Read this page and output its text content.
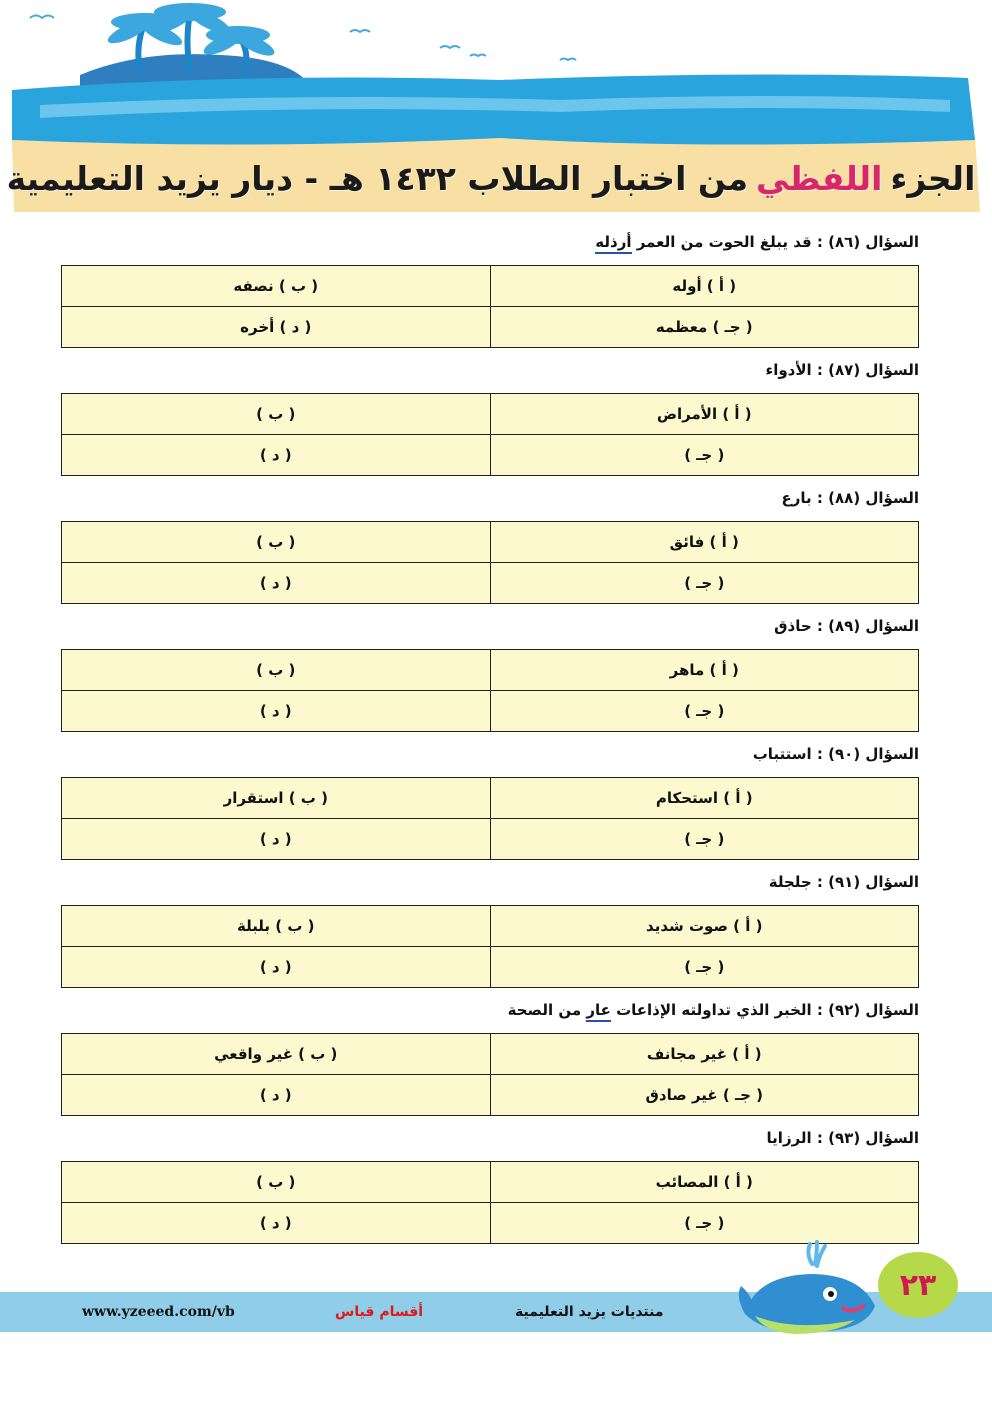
الجزء
اللفظي
من اختبار الطلاب ١٤٣٢ هـ - ديار يزيد التعليمية
السؤال (٨٦) : قد يبلغ الحوت من العمر أرذله
( أ ) أوله	( ب ) نصفه
( جـ ) معظمه	( د ) أخره
السؤال (٨٧) : الأدواء
( أ ) الأمراض	( ب )
( جـ )	( د )
السؤال (٨٨) : بارع
( أ ) فائق	( ب )
( جـ )	( د )
السؤال (٨٩) : حاذق
( أ ) ماهر	( ب )
( جـ )	( د )
السؤال (٩٠) : استتباب
( أ ) استحكام	( ب ) استقرار
( جـ )	( د )
السؤال (٩١) : جلجلة
( أ ) صوت شديد	( ب ) بلبلة
( جـ )	( د )
السؤال (٩٢) : الخبر الذي تداولته الإذاعات عار من الصحة
( أ ) غير مجانف	( ب ) غير واقعي
( جـ ) غير صادق	( د )
السؤال (٩٣) : الرزايا
( أ ) المصائب	( ب )
( جـ )	( د )
٢٣
www.yzeeed.com/vb	أقسام قياس	منتديات يزيد التعليمية
